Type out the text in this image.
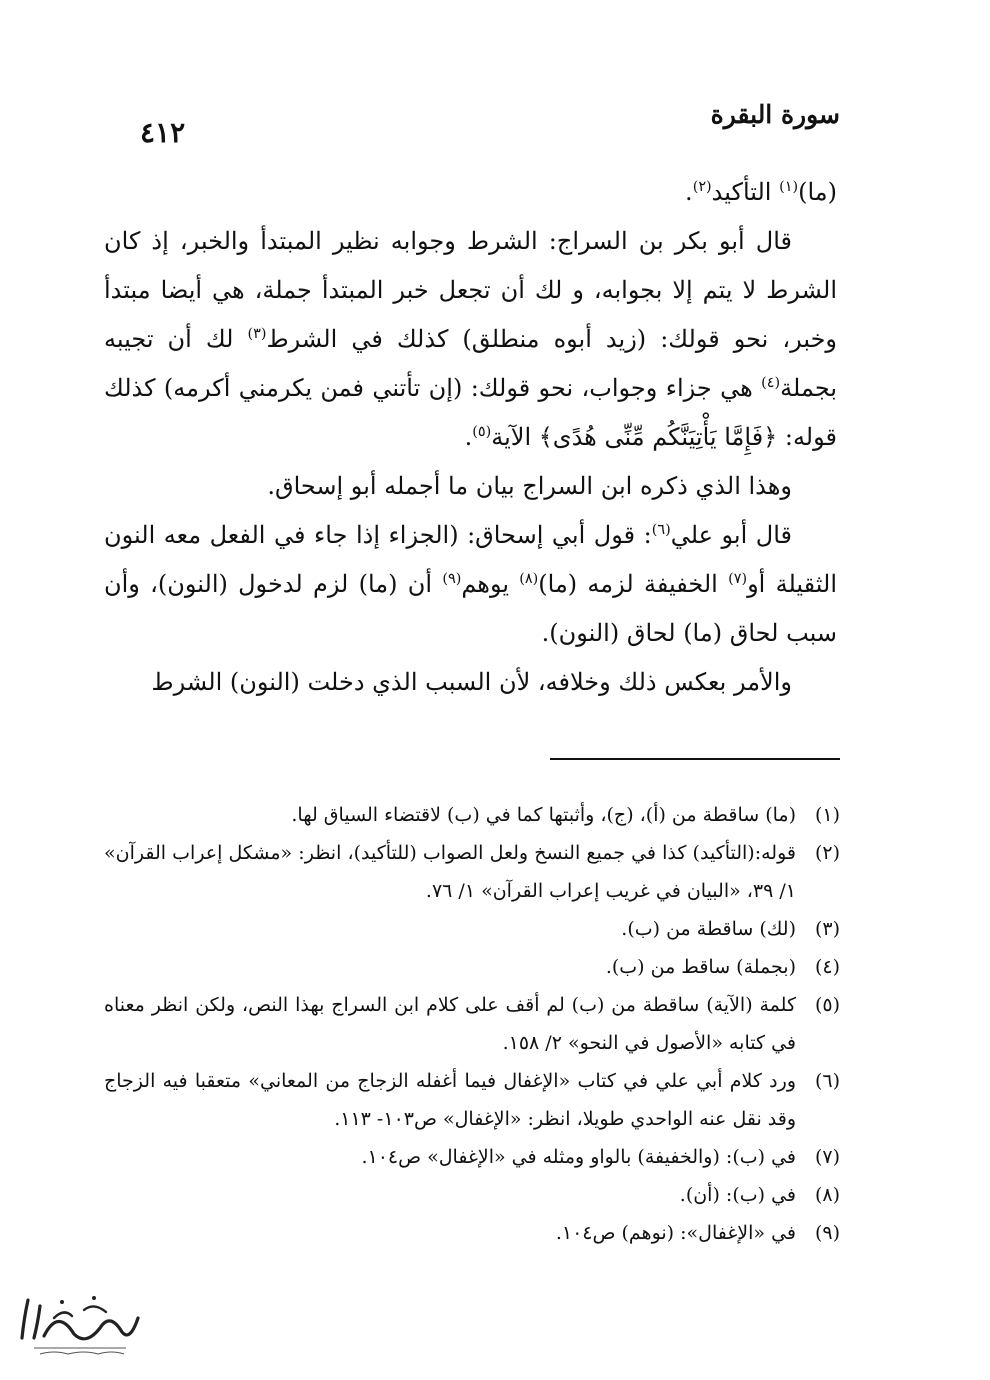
٤١٢
سورة البقرة

(ما)$^{(١)}$ التأكيد$^{(٢)}$.

قال أبو بكر بن السراج: الشرط وجوابه نظير المبتدأ والخبر، إذ كان الشرط لا يتم إلا بجوابه، و لك أن تجعل خبر المبتدأ جملة، هي أيضا مبتدأ وخبر، نحو قولك: (زيد أبوه منطلق) كذلك في الشرط$^{(٣)}$ لك أن تجيبه بجملة$^{(٤)}$ هي جزاء وجواب، نحو قولك: (إن تأتني فمن يكرمني أكرمه) كذلك قوله: ﴿فَإِمَّا يَأْتِيَنَّكُم مِّنِّى هُدًى﴾ الآية$^{(٥)}$.

وهذا الذي ذكره ابن السراج بيان ما أجمله أبو إسحاق.

قال أبو علي$^{(٦)}$: قول أبي إسحاق: (الجزاء إذا جاء في الفعل معه النون الثقيلة أو$^{(٧)}$ الخفيفة لزمه (ما)$^{(٨)}$ يوهم$^{(٩)}$ أن (ما) لزم لدخول (النون)، وأن سبب لحاق (ما) لحاق (النون).

والأمر بعكس ذلك وخلافه، لأن السبب الذي دخلت (النون) الشرط

(١)
(ما) ساقطة من (أ)، (ج)، وأثبتها كما في (ب) لاقتضاء السياق لها.
(٢)
قوله:(التأكيد) كذا في جميع النسخ ولعل الصواب (للتأكيد)، انظر: «مشكل إعراب القرآن» ١/ ٣٩، «البيان في غريب إعراب القرآن» ١/ ٧٦.
(٣)
(لك) ساقطة من (ب).
(٤)
(بجملة) ساقط من (ب).
(٥)
كلمة (الآية) ساقطة من (ب) لم أقف على كلام ابن السراج بهذا النص، ولكن انظر معناه في كتابه «الأصول في النحو» ٢/ ١٥٨.
(٦)
ورد كلام أبي علي في كتاب «الإغفال فيما أغفله الزجاج من المعاني» متعقبا فيه الزجاج وقد نقل عنه الواحدي طويلا، انظر: «الإغفال» ص١٠٣- ١١٣.
(٧)
في (ب): (والخفيفة) بالواو ومثله في «الإغفال» ص١٠٤.
(٨)
في (ب): (أن).
(٩)
في «الإغفال»: (نوهم) ص١٠٤.
